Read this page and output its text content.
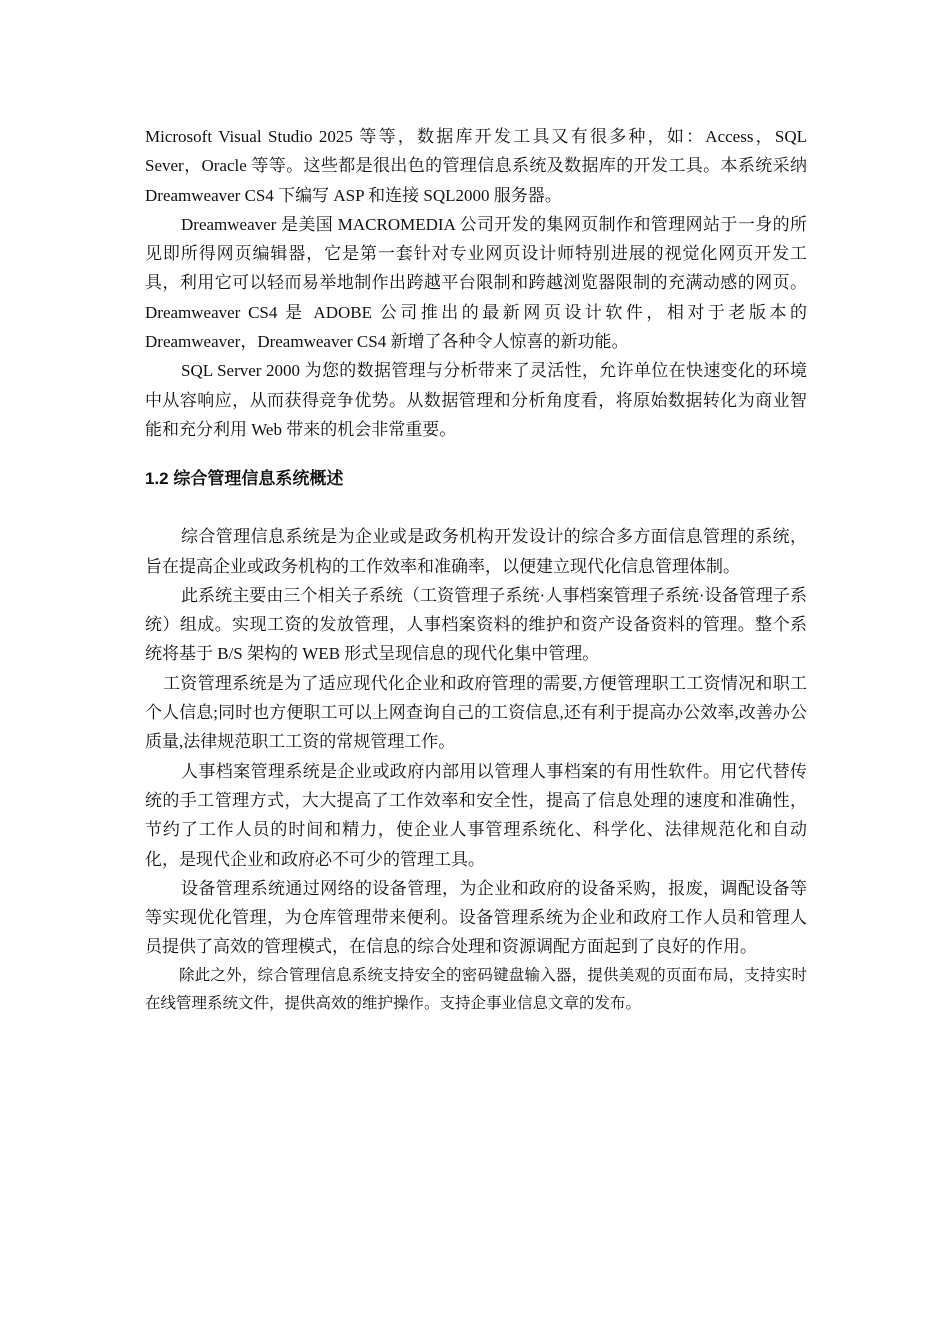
Microsoft Visual Studio 2025 等等，数据库开发工具又有很多种，如：Access，SQL Sever，Oracle 等等。这些都是很出色的管理信息系统及数据库的开发工具。本系统采纳 Dreamweaver CS4 下编写 ASP 和连接 SQL2000 服务器。

Dreamweaver 是美国 MACROMEDIA 公司开发的集网页制作和管理网站于一身的所见即所得网页编辑器，它是第一套针对专业网页设计师特别进展的视觉化网页开发工具，利用它可以轻而易举地制作出跨越平台限制和跨越浏览器限制的充满动感的网页。Dreamweaver CS4 是 ADOBE 公司推出的最新网页设计软件，相对于老版本的 Dreamweaver，Dreamweaver CS4 新增了各种令人惊喜的新功能。

SQL Server 2000 为您的数据管理与分析带来了灵活性，允许单位在快速变化的环境中从容响应，从而获得竞争优势。从数据管理和分析角度看，将原始数据转化为商业智能和充分利用 Web 带来的机会非常重要。

1.2 综合管理信息系统概述

综合管理信息系统是为企业或是政务机构开发设计的综合多方面信息管理的系统，旨在提高企业或政务机构的工作效率和准确率，以便建立现代化信息管理体制。

此系统主要由三个相关子系统（工资管理子系统·人事档案管理子系统·设备管理子系统）组成。实现工资的发放管理，人事档案资料的维护和资产设备资料的管理。整个系统将基于 B/S 架构的 WEB 形式呈现信息的现代化集中管理。

工资管理系统是为了适应现代化企业和政府管理的需要,方便管理职工工资情况和职工个人信息;同时也方便职工可以上网查询自己的工资信息,还有利于提高办公效率,改善办公质量,法律规范职工工资的常规管理工作。

人事档案管理系统是企业或政府内部用以管理人事档案的有用性软件。用它代替传统的手工管理方式，大大提高了工作效率和安全性，提高了信息处理的速度和准确性，节约了工作人员的时间和精力，使企业人事管理系统化、科学化、法律规范化和自动化，是现代企业和政府必不可少的管理工具。

设备管理系统通过网络的设备管理，为企业和政府的设备采购，报废，调配设备等等实现优化管理，为仓库管理带来便利。设备管理系统为企业和政府工作人员和管理人员提供了高效的管理模式，在信息的综合处理和资源调配方面起到了良好的作用。

除此之外，综合管理信息系统支持安全的密码键盘输入器，提供美观的页面布局，支持实时在线管理系统文件，提供高效的维护操作。支持企事业信息文章的发布。
